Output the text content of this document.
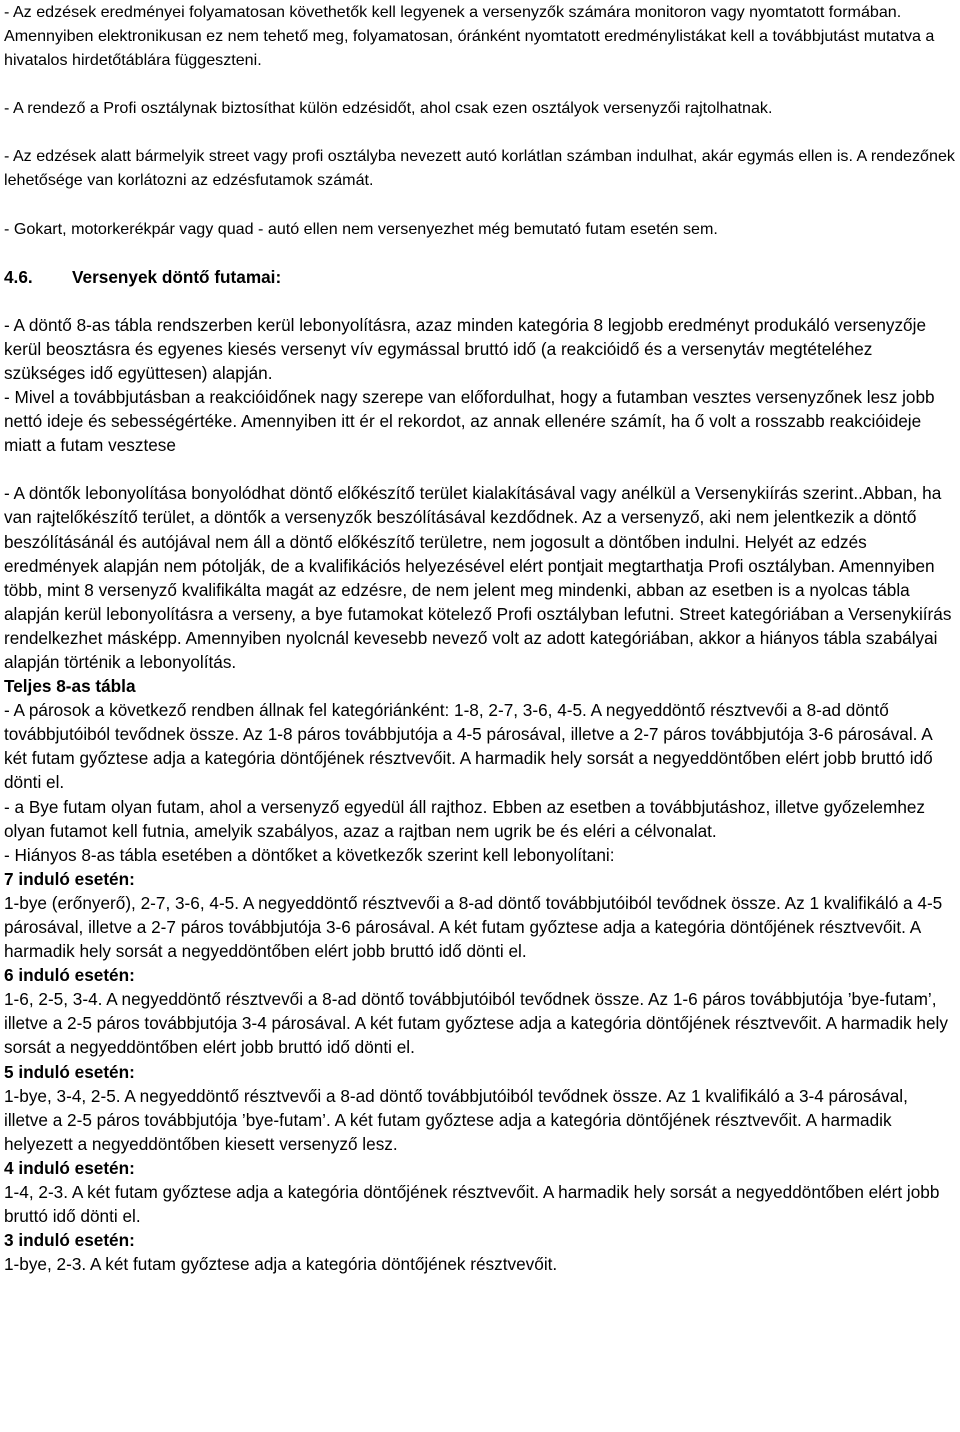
- Az edzések eredményei folyamatosan követhetők kell legyenek a versenyzők számára monitoron vagy nyomtatott formában. Amennyiben elektronikusan ez nem tehető meg, folyamatosan, óránként nyomtatott eredménylistákat kell a továbbjutást mutatva a hivatalos hirdetőtáblára függeszteni.

- A rendező a Profi osztálynak biztosíthat külön edzésidőt, ahol csak ezen osztályok versenyzői rajtolhatnak.

- Az edzések alatt bármelyik street vagy profi osztályba nevezett autó korlátlan számban indulhat, akár egymás ellen is. A rendezőnek lehetősége van korlátozni az edzésfutamok számát.

- Gokart, motorkerékpár vagy quad - autó ellen nem versenyezhet még bemutató futam esetén sem.

4.6. Versenyek döntő futamai:

- A döntő 8-as tábla rendszerben kerül lebonyolításra, azaz minden kategória 8 legjobb eredményt produkáló versenyzője kerül beosztásra és egyenes kiesés versenyt vív egymással bruttó idő (a reakcióidő és a versenytáv megtételéhez szükséges idő együttesen) alapján.

- Mivel a továbbjutásban a reakcióidőnek nagy szerepe van előfordulhat, hogy a futamban vesztes versenyzőnek lesz jobb nettó ideje és sebességértéke. Amennyiben itt ér el rekordot, az annak ellenére számít, ha ő volt a rosszabb reakcióideje miatt a futam vesztese

- A döntők lebonyolítása bonyolódhat döntő előkészítő terület kialakításával vagy anélkül a Versenykiírás szerint..Abban, ha van rajtelőkészítő terület, a döntők a versenyzők beszólításával kezdődnek. Az a versenyző, aki nem jelentkezik a döntő beszólításánál és autójával nem áll a döntő előkészítő területre, nem jogosult a döntőben indulni. Helyét az edzés eredmények alapján nem pótolják, de a kvalifikációs helyezésével elért pontjait megtarthatja Profi osztályban. Amennyiben több, mint 8 versenyző kvalifikálta magát az edzésre, de nem jelent meg mindenki, abban az esetben is a nyolcas tábla alapján kerül lebonyolításra a verseny, a bye futamokat kötelező Profi osztályban lefutni. Street kategóriában a Versenykiírás rendelkezhet másképp. Amennyiben nyolcnál kevesebb nevező volt az adott kategóriában, akkor a hiányos tábla szabályai alapján történik a lebonyolítás.

Teljes 8-as tábla

- A párosok a következő rendben állnak fel kategóriánként: 1-8, 2-7, 3-6, 4-5. A negyeddöntő résztvevői a 8-ad döntő továbbjutóiból tevődnek össze. Az 1-8 páros továbbjutója a 4-5 párosával, illetve a 2-7 páros továbbjutója 3-6 párosával. A két futam győztese adja a kategória döntőjének résztvevőit. A harmadik hely sorsát a negyeddöntőben elért jobb bruttó idő dönti el.

- a Bye futam olyan futam, ahol a versenyző egyedül áll rajthoz. Ebben az esetben a továbbjutáshoz, illetve győzelemhez olyan futamot kell futnia, amelyik szabályos, azaz a rajtban nem ugrik be és eléri a célvonalat.

- Hiányos 8-as tábla esetében a döntőket a következők szerint kell lebonyolítani:

7 induló esetén:

1-bye (erőnyerő), 2-7, 3-6, 4-5. A negyeddöntő résztvevői a 8-ad döntő továbbjutóiból tevődnek össze. Az 1 kvalifikáló a 4-5 párosával, illetve a 2-7 páros továbbjutója 3-6 párosával. A két futam győztese adja a kategória döntőjének résztvevőit. A harmadik hely sorsát a negyeddöntőben elért jobb bruttó idő dönti el.

6 induló esetén:

1-6, 2-5, 3-4. A negyeddöntő résztvevői a 8-ad döntő továbbjutóiból tevődnek össze. Az 1-6 páros továbbjutója ’bye-futam’, illetve a 2-5 páros továbbjutója 3-4 párosával. A két futam győztese adja a kategória döntőjének résztvevőit. A harmadik hely sorsát a negyeddöntőben elért jobb bruttó idő dönti el.

5 induló esetén:

1-bye, 3-4, 2-5. A negyeddöntő résztvevői a 8-ad döntő továbbjutóiból tevődnek össze. Az 1 kvalifikáló a 3-4 párosával, illetve a 2-5 páros továbbjutója ’bye-futam’. A két futam győztese adja a kategória döntőjének résztvevőit. A harmadik helyezett a negyeddöntőben kiesett versenyző lesz.

4 induló esetén:

1-4, 2-3. A két futam győztese adja a kategória döntőjének résztvevőit. A harmadik hely sorsát a negyeddöntőben elért jobb bruttó idő dönti el.

3 induló esetén:

1-bye, 2-3. A két futam győztese adja a kategória döntőjének résztvevőit.
